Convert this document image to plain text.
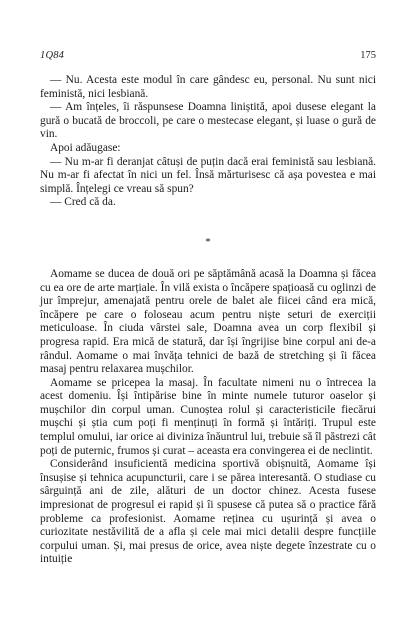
1Q84	175

— Nu. Acesta este modul în care gândesc eu, personal. Nu sunt nici feministă, nici lesbiană.

— Am înțeles, îi răspunsese Doamna liniștită, apoi dusese elegant la gură o bucată de broccoli, pe care o mestecase elegant, și luase o gură de vin.

Apoi adăugase:

— Nu m-ar fi deranjat câtuși de puțin dacă erai feministă sau lesbiană. Nu m-ar fi afectat în nici un fel. Însă mărturisesc că așa povestea e mai simplă. Înțelegi ce vreau să spun?

— Cred că da.

*

Aomame se ducea de două ori pe săptămână acasă la Doamna și făcea cu ea ore de arte marțiale. În vilă exista o încăpere spațioasă cu oglinzi de jur împrejur, amenajată pentru orele de balet ale fiicei când era mică, încăpere pe care o foloseau acum pentru niște seturi de exerciții meticuloase. În ciuda vârstei sale, Doamna avea un corp flexibil și progresa rapid. Era mică de statură, dar își îngrijise bine corpul ani de-a rândul. Aomame o mai învăța tehnici de bază de stretching și îi făcea masaj pentru relaxarea mușchilor.

Aomame se pricepea la masaj. În facultate nimeni nu o întrecea la acest domeniu. Își întipărise bine în minte numele tuturor oaselor și mușchilor din corpul uman. Cunoștea rolul și caracteristicile fiecărui mușchi și știa cum poți fi menținuți în formă și întăriți. Trupul este templul omului, iar orice ai diviniza înăuntrul lui, trebuie să îl păstrezi cât poți de puternic, frumos și curat – aceasta era convingerea ei de neclintit.

Considerând insuficientă medicina sportivă obișnuită, Aomame își însușise și tehnica acupuncturii, care i se părea interesantă. O studiase cu sârguință ani de zile, alături de un doctor chinez. Acesta fusese impresionat de progresul ei rapid și îi spusese că putea să o practice fără probleme ca profesionist. Aomame reținea cu ușurință și avea o curiozitate nestăvilită de a afla și cele mai mici detalii despre funcțiile corpului uman. Și, mai presus de orice, avea niște degete înzestrate cu o intuiție
